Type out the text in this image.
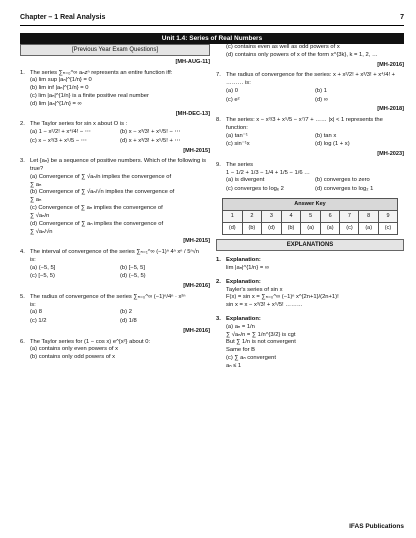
Chapter – 1 Real Analysis	7
Unit 1.4: Series of Real Numbers
[Previous Year Exam Questions]
[MH-AUG-11]
1. The series ∑ₙ₌₀^∞ aₙzⁿ represents an entire function iff:
(a) lim sup |aₙ|^{1/n} = 0
(b) lim inf |aₙ|^{1/n} = 0
(c) lim |aₙ|^{1/n} is a finite positive real number
(d) lim |aₙ|^{1/n} = ∞
[MH-DEC-13]
2. The Taylor series for sin x about O is :
(a) 1 − x²/2! + x⁴/4! − ⋯	(b) x − x³/3! + x⁵/5! − ⋯
(c) x − x³/3 + x⁵/5 − ⋯	(d) x + x³/3! + x⁵/5! + ⋯
[MH-2015]
3. Let {aₙ} be a sequence of positive numbers. Which of the following is true?
(a) Convergence of ∑ √aₙ/n implies the convergence of
∑ aₙ
(b) Convergence of ∑ √aₙ/√n implies the convergence of
∑ aₙ
(c) Convergence of ∑ aₙ implies the convergence of
∑ √aₙ/n
(d) Convergence of ∑ aₙ implies the convergence of
∑ √aₙ/√n
[MH-2015]
4. The interval of convergence of the series ∑ₙ₌₁^∞ (−1)ⁿ 4ⁿ xⁿ / 5ⁿ√n
is:
(a) (−5, 5]	(b) [−5, 5]
(c) [−5, 5)	(d) (−5, 5)
[MH-2016]
5. The radius of convergence of the series ∑ₙ₌₀^∞ (−1)ⁿ/4ⁿ · x²ⁿ
is:
(a) 8	(b) 2
(c) 1/2	(d) 1/8
[MH-2016]
6. The Taylor series for (1 − cos x) e^{x²} about 0:
(a) contains only even powers of x
(b) contains only odd powers of x
(c) contains even as well as odd powers of x
(d) contains only powers of x of the form x^{3k}, k = 1, 2, …
[MH-2016]
7. The radius of convergence for the series: x + x²/2! + x³/3! + x⁴/4! + ……… is:
(a) 0	(b) 1
(c) e²	(d) ∞
[MH-2018]
8. The series: x − x³/3 + x⁵/5 − x⁷/7 + …… |x| < 1 represents the function:
(a) tan⁻¹	(b) tan x
(c) sin⁻¹x	(d) log (1 + x)
[MH-2023]
9. The series
1 − 1/2 + 1/3 − 1/4 + 1/5 − 1/6 …
(a) is divergent	(b) converges to zero
(c) converges to logₑ 2	(d) converges to log₂ 1
Answer Key								
1	2	3	4	5	6	7	8	9
(d)	(b)	(d)	(b)	(a)	(a)	(c)	(a)	(c)
EXPLANATIONS
1. Explanation:
lim |aₙ|^{1/n} = ∞
2. Explanation:
Tayler's series of sin x
F(x) = sin x = ∑ₙ₌₀^∞ (−1)ⁿ x^{2n+1}/(2n+1)!
sin x = x − x³/3! + x⁵/5! ………
3. Explanation:
(a) aₙ = 1/n
∑ √aₙ/n = ∑ 1/n^{3/2} is cgt
But ∑ 1/n is not convergent
Same for B
(c) ∑ aₙ convergent
aₙ ≤ 1
IFAS Publications
